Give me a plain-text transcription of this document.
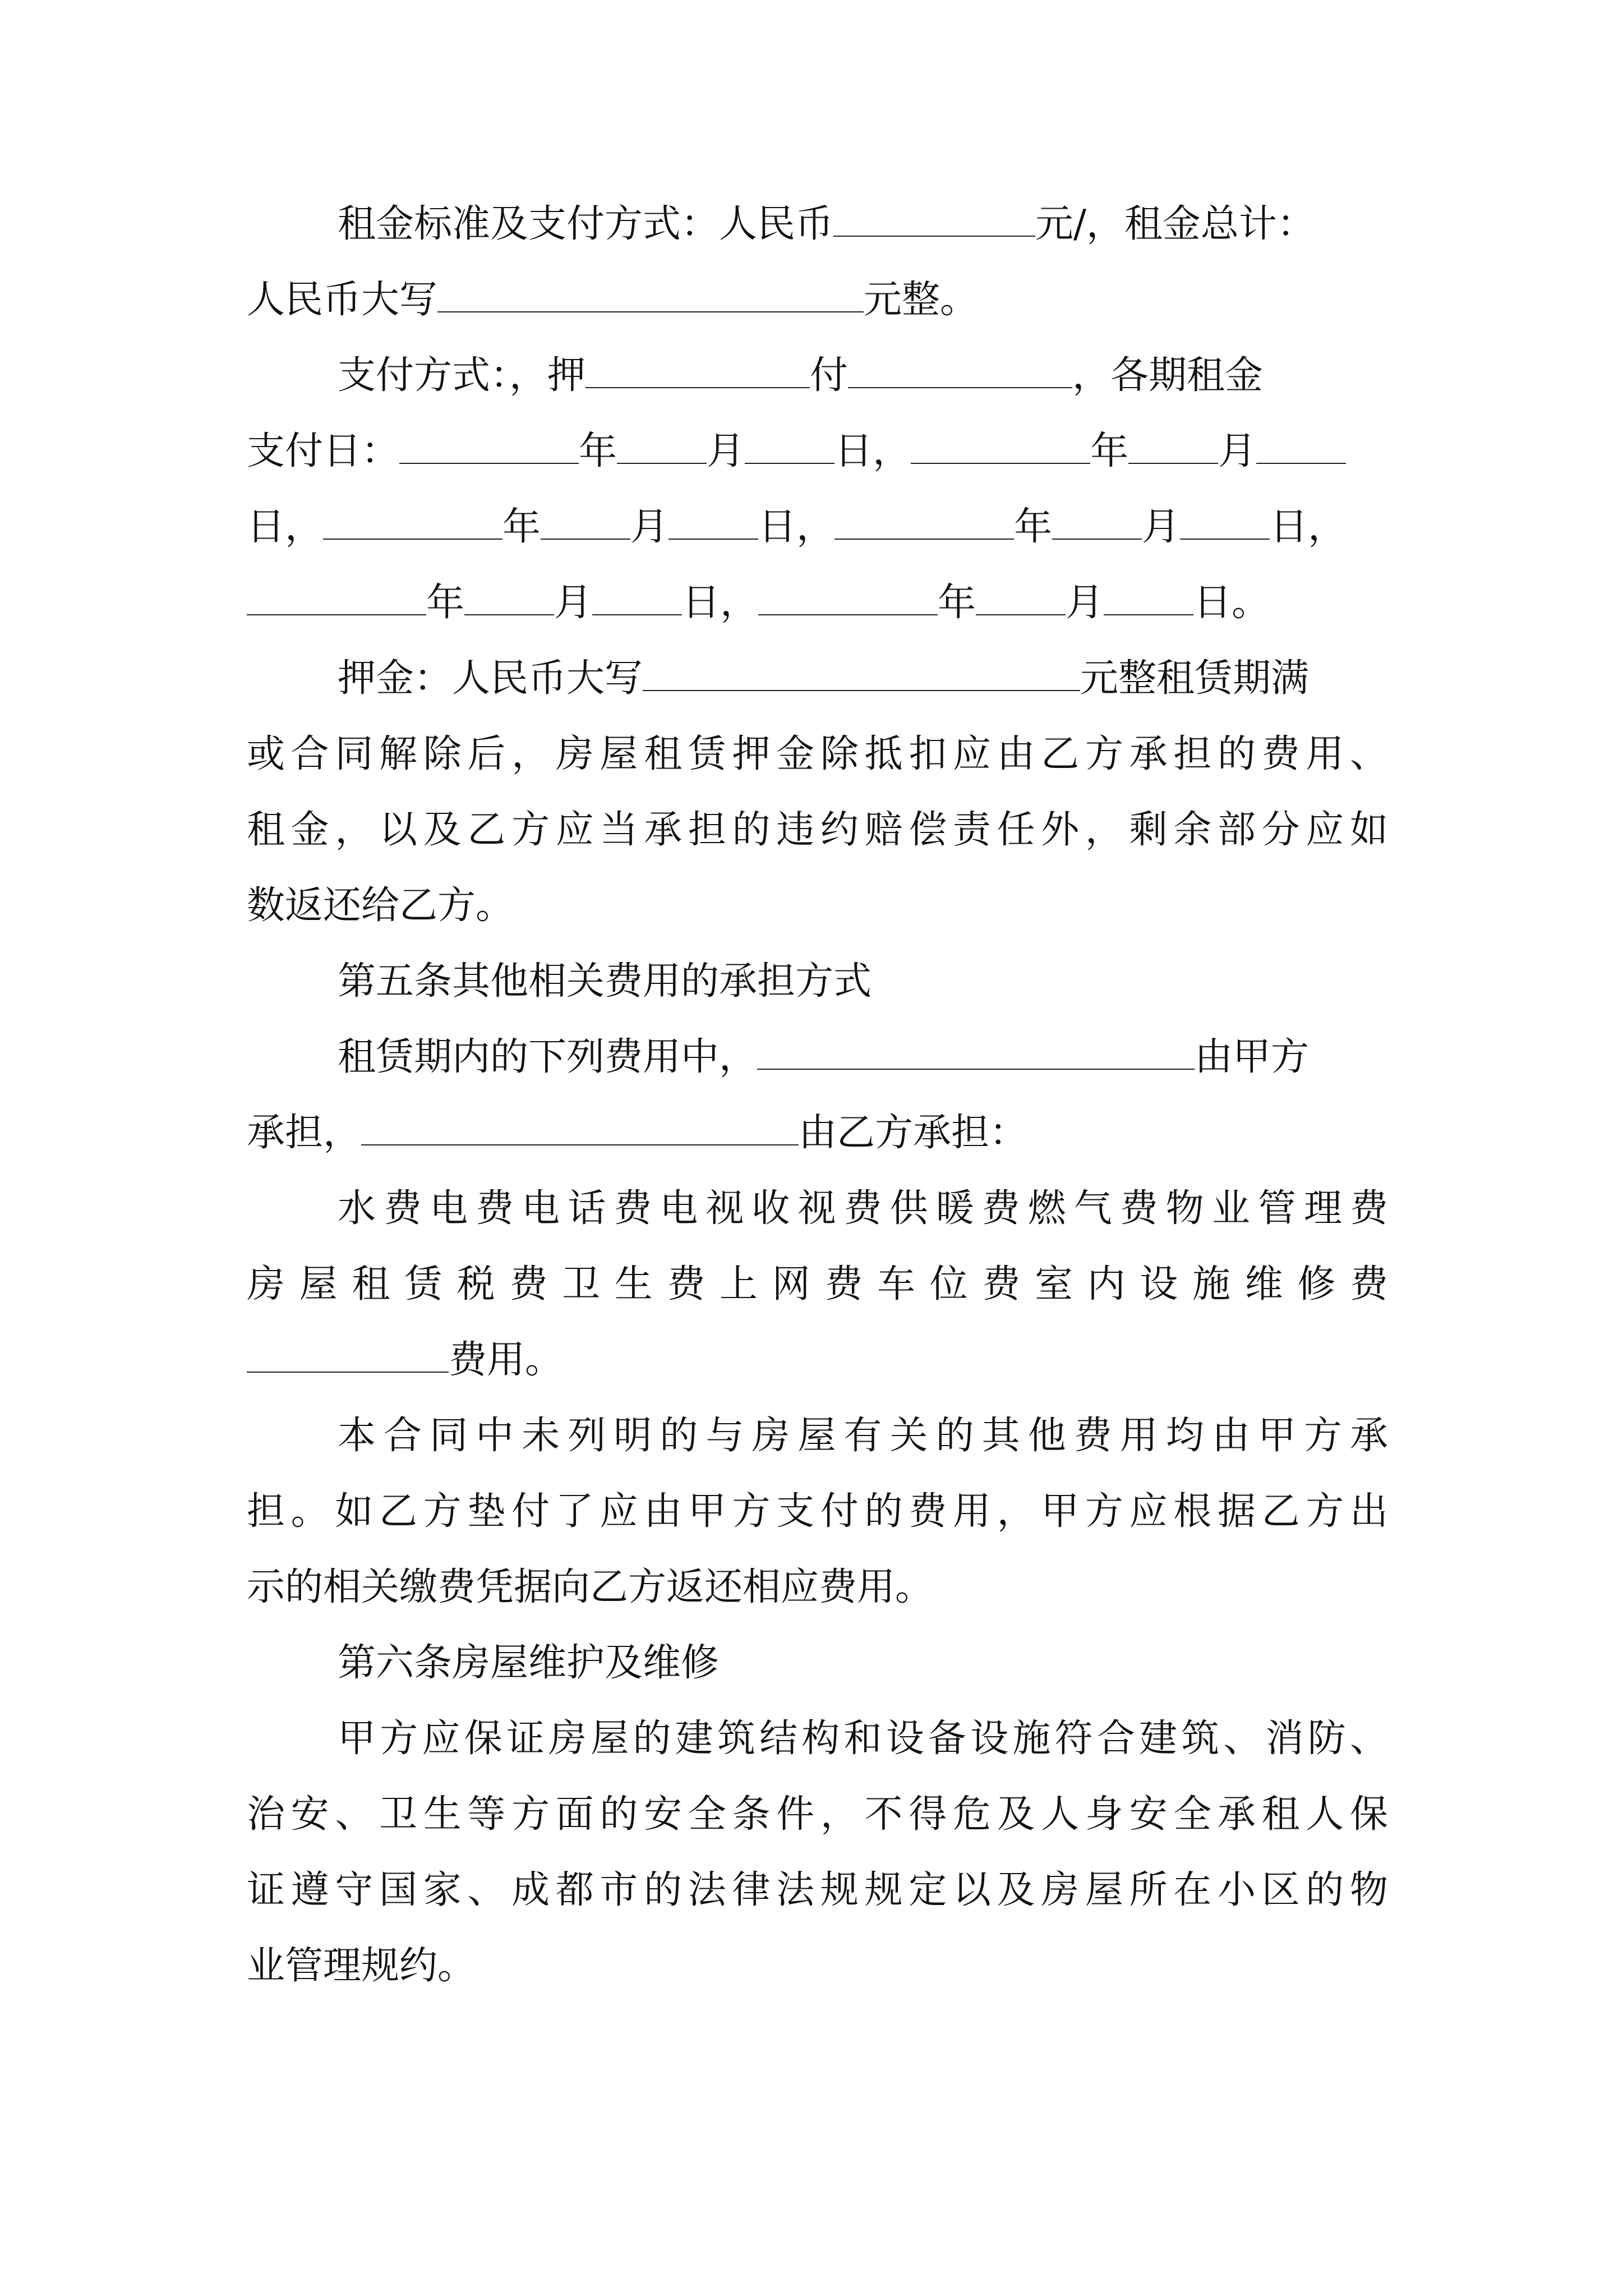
租金标准及支付方式：人民币	元/，租金总计：
人民币大写	元整。
支付方式：，押	付	，各期租金
支付日：	年 月 日，	年 月
日，	年 月 日，	年 月 日，
年 月 日，	年 月 日。
押金：人民币大写	元整租赁期满
或合同解除后，房屋租赁押金除抵扣应由乙方承担的费用、
租金，以及乙方应当承担的违约赔偿责任外，剩余部分应如
数返还给乙方。
第五条其他相关费用的承担方式
租赁期内的下列费用中，	由甲方
承担，	由乙方承担：
水费电费电话费电视收视费供暖费燃气费物业管理费
房屋租赁税费卫生费上网费车位费室内设施维修费
费用。
本合同中未列明的与房屋有关的其他费用均由甲方承
担。如乙方垫付了应由甲方支付的费用，甲方应根据乙方出
示的相关缴费凭据向乙方返还相应费用。
第六条房屋维护及维修
甲方应保证房屋的建筑结构和设备设施符合建筑、消防、
治安、卫生等方面的安全条件，不得危及人身安全承租人保
证遵守国家、成都市的法律法规规定以及房屋所在小区的物
业管理规约。
